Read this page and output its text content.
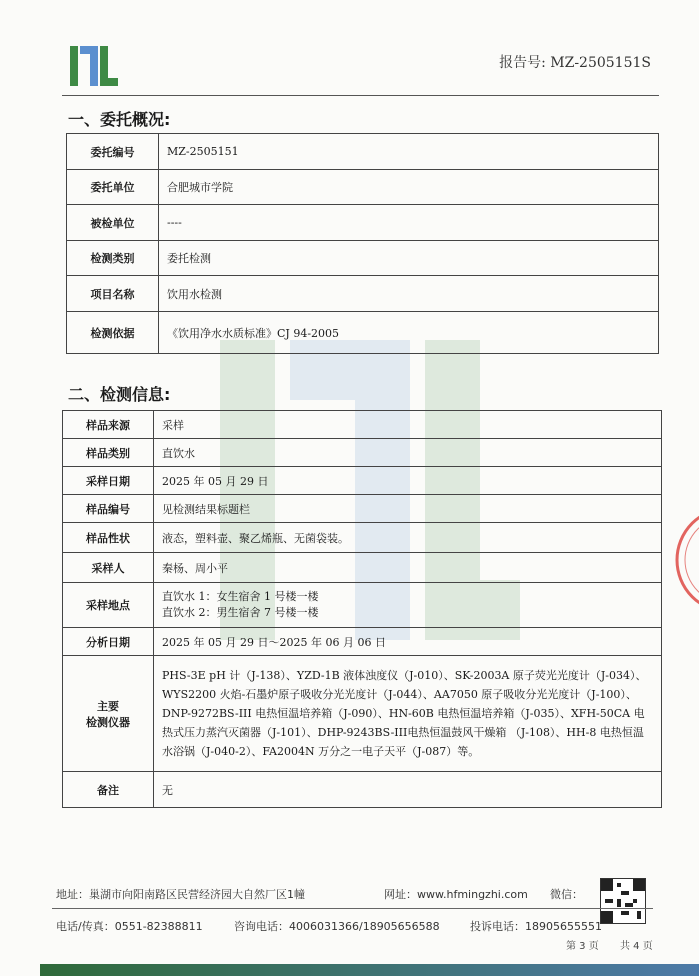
报告号: MZ-2505151S
一、委托概况:
委托编号	MZ-2505151
委托单位	合肥城市学院
被检单位	----
检测类别	委托检测
项目名称	饮用水检测
检测依据	《饮用净水水质标准》CJ 94-2005
二、检测信息:
样品来源	采样
样品类别	直饮水
采样日期	2025 年 05 月 29 日
样品编号	见检测结果标题栏
样品性状	液态，塑料壶、聚乙烯瓶、无菌袋装。
采样人	秦杨、周小平
采样地点	直饮水 1：女生宿舍 1 号楼一楼
直饮水 2：男生宿舍 7 号楼一楼

分析日期	2025 年 05 月 29 日～2025 年 06 月 06 日

主要
检测仪器	PHS-3E pH 计（J-138）、YZD-1B 液体浊度仪（J-010）、SK-2003A 原子荧光光度计（J-034）、WYS2200 火焰-石墨炉原子吸收分光光度计（J-044）、AA7050 原子吸收分光光度计（J-100）、DNP-9272BS-III 电热恒温培养箱（J-090）、HN-60B 电热恒温培养箱（J-035）、XFH-50CA 电热式压力蒸汽灭菌器（J-101）、DHP-9243BS-III电热恒温鼓风干燥箱 （J-108）、HH-8 电热恒温水浴锅（J-040-2）、FA2004N 万分之一电子天平（J-087）等。
备注	无
地址：巢湖市向阳南路区民营经济园大自然厂区1幢	网址：www.hfmingzhi.com 微信：
电话/传真：0551-82388811	咨询电话：4006031366/18905656588	投诉电话：18905655551
第 3 页 共 4 页
